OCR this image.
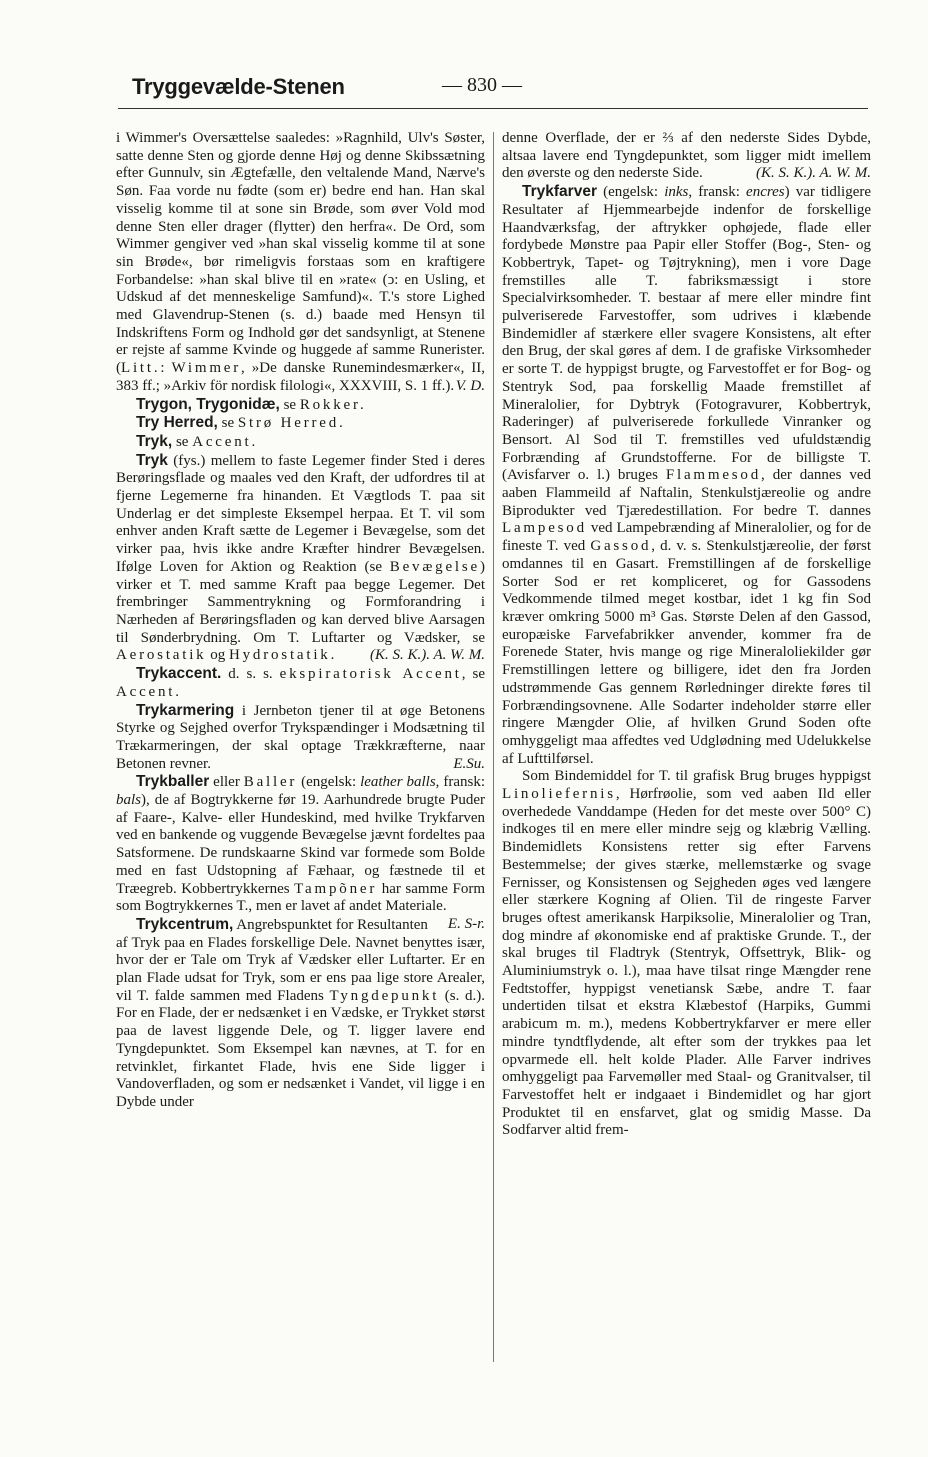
Tryggevælde-Stenen	— 830 —

i Wimmer's Oversættelse saaledes: »Ragnhild, Ulv's Søster, satte denne Sten og gjorde denne Høj og denne Skibssætning efter Gunnulv, sin Ægtefælle, den veltalende Mand, Nærve's Søn. Faa vorde nu fødte (som er) bedre end han. Han skal visselig komme til at sone sin Brøde, som øver Vold mod denne Sten eller drager (flytter) den herfra«. De Ord, som Wimmer gengiver ved »han skal visselig komme til at sone sin Brøde«, bør rimeligvis forstaas som en kraftigere Forbandelse: »han skal blive til en »rate« (ↄ: en Usling, et Udskud af det menneskelige Samfund)«. T.'s store Lighed med Glavendrup-Stenen (s. d.) baade med Hensyn til Indskriftens Form og Indhold gør det sandsynligt, at Stenene er rejste af samme Kvinde og huggede af samme Runerister. (Litt.: Wimmer, »De danske Runemindesmærker«, II, 383 ff.; »Arkiv för nordisk filologi«, XXXVIII, S. 1 ff.). V. D.

Trygon, Trygonidæ, se Rokker.

Try Herred, se Strø Herred.

Tryk, se Accent.

Tryk (fys.) mellem to faste Legemer finder Sted i deres Berøringsflade og maales ved den Kraft, der udfordres til at fjerne Legemerne fra hinanden. Et Vægtlods T. paa sit Underlag er det simpleste Eksempel herpaa. Et T. vil som enhver anden Kraft sætte de Legemer i Bevægelse, som det virker paa, hvis ikke andre Kræfter hindrer Bevægelsen. Ifølge Loven for Aktion og Reaktion (se Bevægelse) virker et T. med samme Kraft paa begge Legemer. Det frembringer Sammentrykning og Formforandring i Nærheden af Berøringsfladen og kan derved blive Aarsagen til Sønderbrydning. Om T. Luftarter og Vædsker, se Aerostatik og Hydrostatik.	(K. S. K.). A. W. M.

Trykaccent. d. s. s. ekspiratorisk Accent, se Accent.

Trykarmering i Jernbeton tjener til at øge Betonens Styrke og Sejghed overfor Trykspændinger i Modsætning til Trækarmeringen, der skal optage Trækkræfterne, naar Betonen revner.	E.Su.

Trykballer eller Baller (engelsk: leather balls, fransk: bals), de af Bogtrykkerne før 19. Aarhundrede brugte Puder af Faare-, Kalve- eller Hundeskind, med hvilke Trykfarven ved en bankende og vuggende Bevægelse jævnt fordeltes paa Satsformene. De rundskaarne Skind var formede som Bolde med en fast Udstopning af Fæhaar, og fæstnede til et Træegreb. Kobbertrykkernes Tampõner har samme Form som Bogtrykkernes T., men er lavet af andet Materiale.
E. S-r.

Trykcentrum, Angrebspunktet for Resultanten af Tryk paa en Flades forskellige Dele. Navnet benyttes især, hvor der er Tale om Tryk af Vædsker eller Luftarter. Er en plan Flade udsat for Tryk, som er ens paa lige store Arealer, vil T. falde sammen med Fladens Tyngdepunkt (s. d.). For en Flade, der er nedsænket i en Vædske, er Trykket størst paa de lavest liggende Dele, og T. ligger lavere end Tyngdepunktet. Som Eksempel kan nævnes, at T. for en retvinklet, firkantet Flade, hvis ene Side ligger i Vandoverfladen, og som er nedsænket i Vandet, vil ligge i en Dybde under

denne Overflade, der er ⅔ af den nederste Sides Dybde, altsaa lavere end Tyngdepunktet, som ligger midt imellem den øverste og den nederste Side.	(K. S. K.). A. W. M.

Trykfarver (engelsk: inks, fransk: encres) var tidligere Resultater af Hjemmearbejde indenfor de forskellige Haandværksfag, der aftrykker ophøjede, flade eller fordybede Mønstre paa Papir eller Stoffer (Bog-, Sten- og Kobbertryk, Tapet- og Tøjtrykning), men i vore Dage fremstilles alle T. fabriksmæssigt i store Specialvirksomheder. T. bestaar af mere eller mindre fint pulveriserede Farvestoffer, som udrives i klæbende Bindemidler af stærkere eller svagere Konsistens, alt efter den Brug, der skal gøres af dem. I de grafiske Virksomheder er sorte T. de hyppigst brugte, og Farvestoffet er for Bog- og Stentryk Sod, paa forskellig Maade fremstillet af Mineralolier, for Dybtryk (Fotogravurer, Kobbertryk, Raderinger) af pulveriserede forkullede Vinranker og Bensort. Al Sod til T. fremstilles ved ufuldstændig Forbrænding af Grundstofferne. For de billigste T. (Avisfarver o. l.) bruges Flammesod, der dannes ved aaben Flammeild af Naftalin, Stenkulstjæreolie og andre Biprodukter ved Tjæredestillation. For bedre T. dannes Lampesod ved Lampebrænding af Mineralolier, og for de fineste T. ved Gassod, d. v. s. Stenkulstjæreolie, der først omdannes til en Gasart. Fremstillingen af de forskellige Sorter Sod er ret kompliceret, og for Gassodens Vedkommende tilmed meget kostbar, idet 1 kg fin Sod kræver omkring 5000 m³ Gas. Største Delen af den Gassod, europæiske Farvefabrikker anvender, kommer fra de Forenede Stater, hvis mange og rige Mineraloliekilder gør Fremstillingen lettere og billigere, idet den fra Jorden udstrømmende Gas gennem Rørledninger direkte føres til Forbrændingsovnene. Alle Sodarter indeholder større eller ringere Mængder Olie, af hvilken Grund Soden ofte omhyggeligt maa affedtes ved Udglødning med Udelukkelse af Lufttilførsel.

Som Bindemiddel for T. til grafisk Brug bruges hyppigst Linoliefernis, Hørfrøolie, som ved aaben Ild eller overhedede Vanddampe (Heden for det meste over 500° C) indkoges til en mere eller mindre sejg og klæbrig Vælling. Bindemidlets Konsistens retter sig efter Farvens Bestemmelse; der gives stærke, mellemstærke og svage Fernisser, og Konsistensen og Sejgheden øges ved længere eller stærkere Kogning af Olien. Til de ringeste Farver bruges oftest amerikansk Harpiksolie, Mineralolier og Tran, dog mindre af økonomiske end af praktiske Grunde. T., der skal bruges til Fladtryk (Stentryk, Offsettryk, Blik- og Aluminiumstryk o. l.), maa have tilsat ringe Mængder rene Fedtstoffer, hyppigst venetiansk Sæbe, andre T. faar undertiden tilsat et ekstra Klæbestof (Harpiks, Gummi arabicum m. m.), medens Kobbertrykfarver er mere eller mindre tyndtflydende, alt efter som der trykkes paa let opvarmede ell. helt kolde Plader. Alle Farver indrives omhyggeligt paa Farvemøller med Staal- og Granitvalser, til Farvestoffet helt er indgaaet i Bindemidlet og har gjort Produktet til en ensfarvet, glat og smidig Masse. Da Sodfarver altid frem-
